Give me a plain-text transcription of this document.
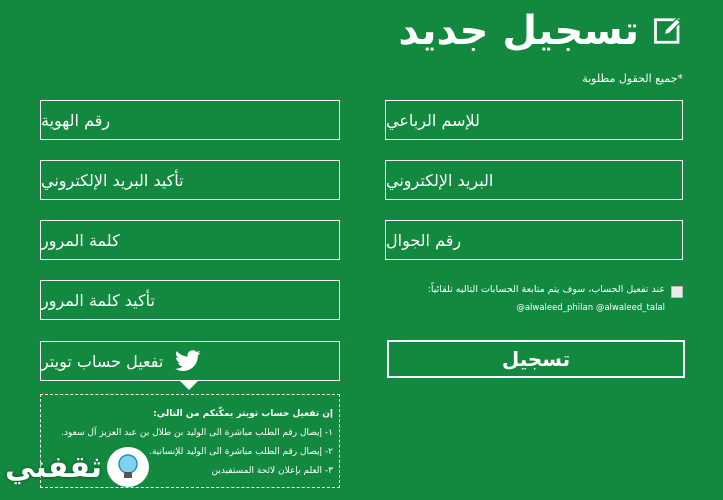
تسجيل جديد
*جميع الحقول مطلوبة
للإسم الرباعي
البريد الإلكتروني
رقم الجوال
رقم الهوية
تأكيد البريد الإلكتروني
كلمة المرور
تأكيد كلمة المرور
عند تفعيل الحساب، سوف يتم متابعة الحسابات التاليه تلقائياً:
@alwaleed_philan @alwaleed_talal
تفعيل حساب تويتر	تسجيل
إن تفعيل حساب تويتر يمكّنكم من التالي:
١- إيصال رقم الطلب مباشرة الى الوليد بن طلال بن عبد العزيز آل سعود.
٢- إيصال رقم الطلب مباشرة الى الوليد للإنسانية.
٣- العلم بإعلان لائحة المستفيدين
ثقفني
